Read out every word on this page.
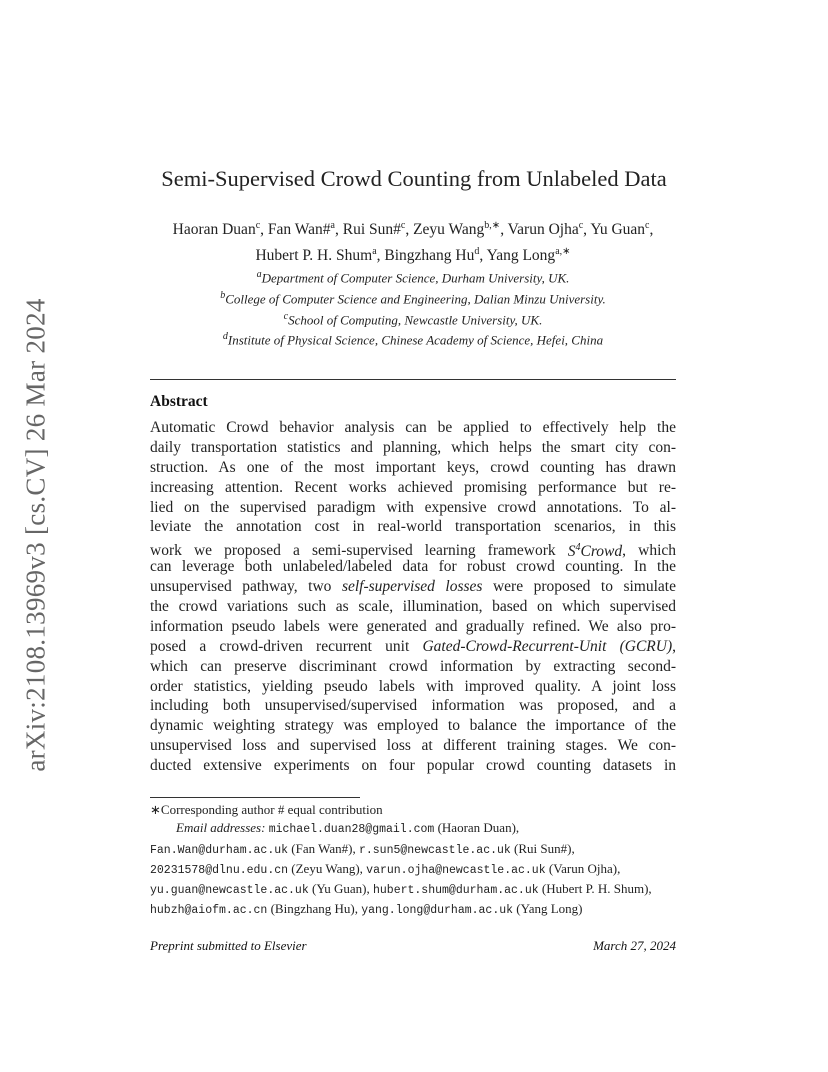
arXiv:2108.13969v3 [cs.CV] 26 Mar 2024
Semi-Supervised Crowd Counting from Unlabeled Data
Haoran Duan$^c$, Fan Wan#$^a$, Rui Sun#$^c$, Zeyu Wang$^{b,∗}$, Varun Ojha$^c$, Yu Guan$^c$, Hubert P. H. Shum$^a$, Bingzhang Hu$^d$, Yang Long$^{a,∗}$
$^a$Department of Computer Science, Durham University, UK.
$^b$College of Computer Science and Engineering, Dalian Minzu University.
$^c$School of Computing, Newcastle University, UK.
$^d$Institute of Physical Science, Chinese Academy of Science, Hefei, China
Abstract
Automatic Crowd behavior analysis can be applied to effectively help the
daily transportation statistics and planning, which helps the smart city con-
struction. As one of the most important keys, crowd counting has drawn
increasing attention. Recent works achieved promising performance but re-
lied on the supervised paradigm with expensive crowd annotations. To al-
leviate the annotation cost in real-world transportation scenarios, in this
work we proposed a semi-supervised learning framework $S^4Crowd$, which
can leverage both unlabeled/labeled data for robust crowd counting. In the
unsupervised pathway, two self-supervised losses were proposed to simulate
the crowd variations such as scale, illumination, based on which supervised
information pseudo labels were generated and gradually refined. We also pro-
posed a crowd-driven recurrent unit Gated-Crowd-Recurrent-Unit (GCRU),
which can preserve discriminant crowd information by extracting second-
order statistics, yielding pseudo labels with improved quality. A joint loss
including both unsupervised/supervised information was proposed, and a
dynamic weighting strategy was employed to balance the importance of the
unsupervised loss and supervised loss at different training stages. We con-
ducted extensive experiments on four popular crowd counting datasets in
∗Corresponding author # equal contribution
Email addresses: michael.duan28@gmail.com (Haoran Duan),
Fan.Wan@durham.ac.uk (Fan Wan#), r.sun5@newcastle.ac.uk (Rui Sun#),
20231578@dlnu.edu.cn (Zeyu Wang), varun.ojha@newcastle.ac.uk (Varun Ojha),
yu.guan@newcastle.ac.uk (Yu Guan), hubert.shum@durham.ac.uk (Hubert P. H. Shum),
hubzh@aiofm.ac.cn (Bingzhang Hu), yang.long@durham.ac.uk (Yang Long)
Preprint submitted to Elsevier	March 27, 2024
